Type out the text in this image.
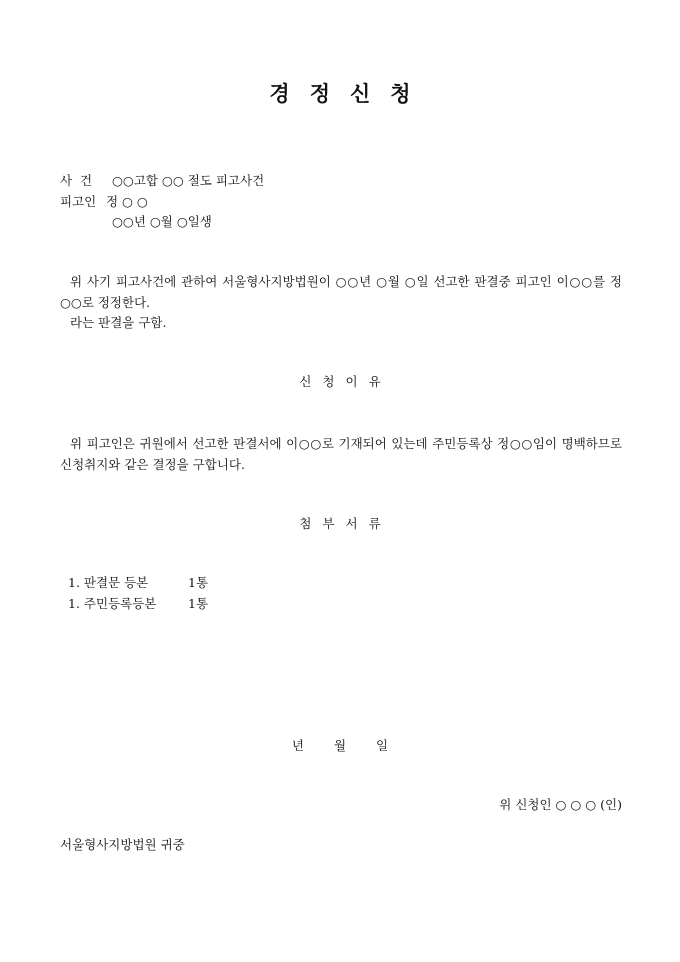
경정신청
사  건 ○○고합 ○○ 절도 피고사건
피고인 정 ○ ○
○○년 ○월 ○일생
위 사기 피고사건에 관하여 서울형사지방법원이 ○○년 ○월 ○일 선고한 판결중 피고인 이○○를 정○○로 정정한다.
라는 판결을 구함.
신청이유
위 피고인은 귀원에서 선고한 판결서에 이○○로 기재되어 있는데 주민등록상 정○○임이 명백하므로 신청취지와 같은 결정을 구합니다.
첨부서류
1. 판결문 등본	1통
1. 주민등록등본	1통
년월일
위 신청인 ○ ○ ○ (인)
서울형사지방법원 귀중
